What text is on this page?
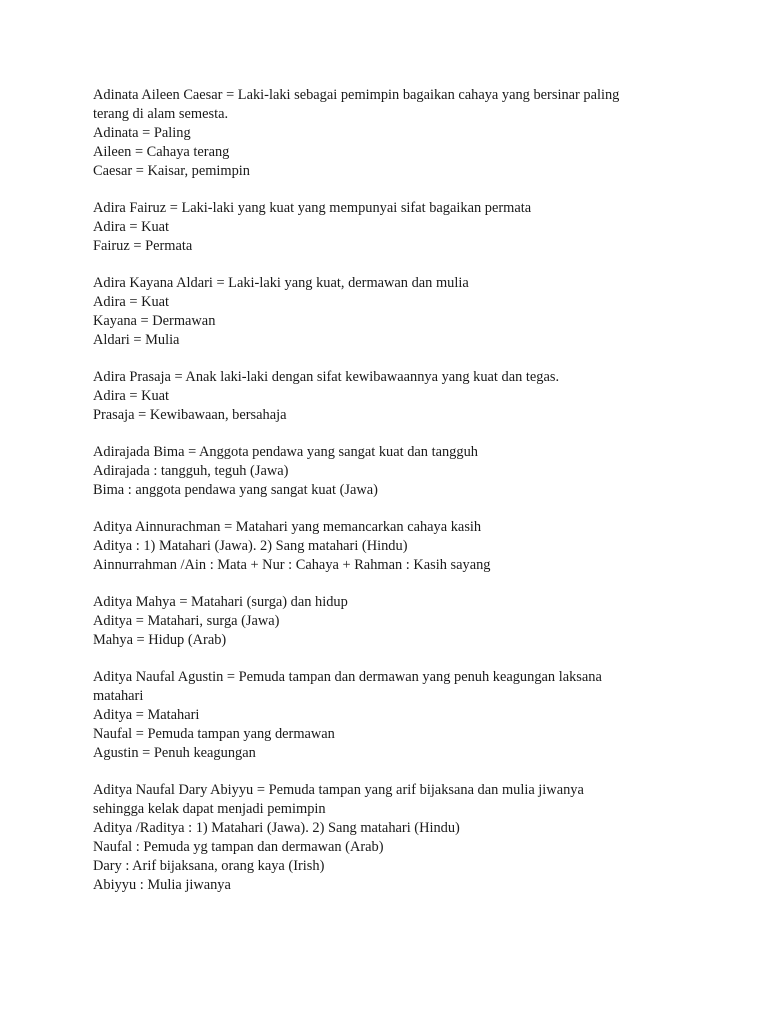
Adinata Aileen Caesar = Laki-laki sebagai pemimpin bagaikan cahaya yang bersinar paling
terang di alam semesta.
Adinata = Paling
Aileen = Cahaya terang
Caesar = Kaisar, pemimpin
Adira Fairuz = Laki-laki yang kuat yang mempunyai sifat bagaikan permata
Adira = Kuat
Fairuz = Permata
Adira Kayana Aldari = Laki-laki yang kuat, dermawan dan mulia
Adira = Kuat
Kayana = Dermawan
Aldari = Mulia
Adira Prasaja = Anak laki-laki dengan sifat kewibawaannya yang kuat dan tegas.
Adira = Kuat
Prasaja = Kewibawaan, bersahaja
Adirajada Bima = Anggota pendawa yang sangat kuat dan tangguh
Adirajada : tangguh, teguh (Jawa)
Bima : anggota pendawa yang sangat kuat (Jawa)
Aditya Ainnurachman = Matahari yang memancarkan cahaya kasih
Aditya : 1) Matahari (Jawa). 2) Sang matahari (Hindu)
Ainnurrahman /Ain : Mata + Nur : Cahaya + Rahman : Kasih sayang
Aditya Mahya = Matahari (surga) dan hidup
Aditya = Matahari, surga (Jawa)
Mahya = Hidup (Arab)
Aditya Naufal Agustin = Pemuda tampan dan dermawan yang penuh keagungan laksana
matahari
Aditya = Matahari
Naufal = Pemuda tampan yang dermawan
Agustin = Penuh keagungan
Aditya Naufal Dary Abiyyu = Pemuda tampan yang arif bijaksana dan mulia jiwanya
sehingga kelak dapat menjadi pemimpin
Aditya /Raditya : 1) Matahari (Jawa). 2) Sang matahari (Hindu)
Naufal : Pemuda yg tampan dan dermawan (Arab)
Dary : Arif bijaksana, orang kaya (Irish)
Abiyyu : Mulia jiwanya
